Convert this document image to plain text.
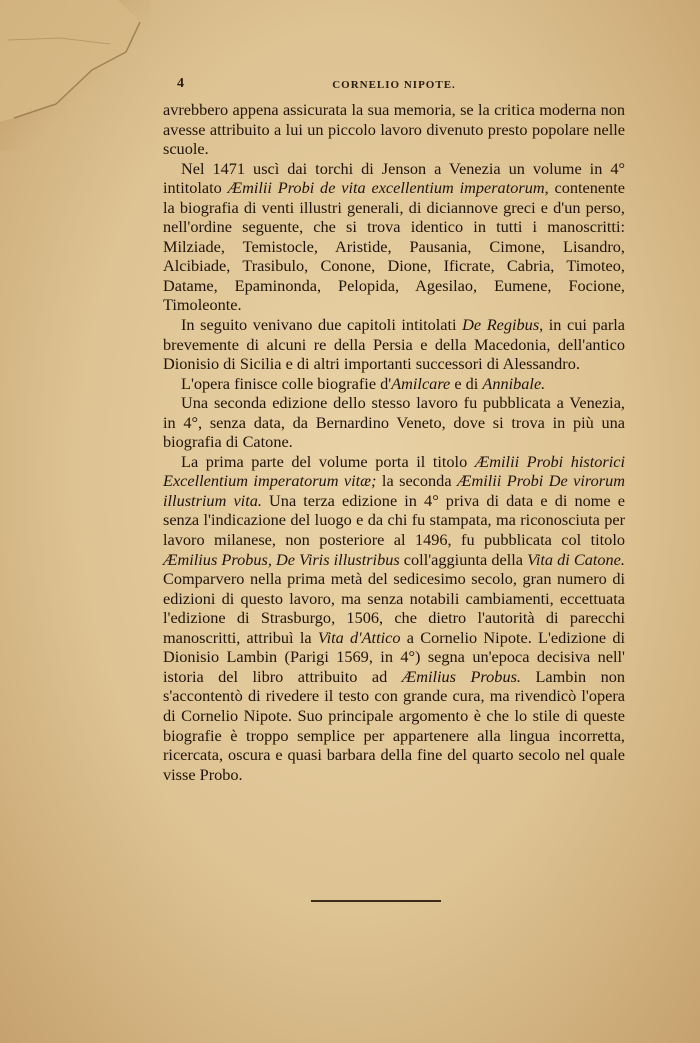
4	CORNELIO NIPOTE.

avrebbero appena assicurata la sua memoria, se la critica moderna non avesse attribuito a lui un piccolo lavoro divenuto presto popolare nelle scuole.

Nel 1471 uscì dai torchi di Jenson a Venezia un volume in 4° intitolato Æmilii Probi de vita excellentium imperatorum, contenente la biografia di venti illustri generali, di diciannove greci e d'un perso, nell'ordine seguente, che si trova identico in tutti i manoscritti: Milziade, Temistocle, Aristide, Pausania, Cimone, Lisandro, Alcibiade, Trasibulo, Conone, Dione, Ificrate, Cabria, Timoteo, Datame, Epaminonda, Pelopida, Agesilao, Eumene, Focione, Timoleonte.

In seguito venivano due capitoli intitolati De Regibus, in cui parla brevemente di alcuni re della Persia e della Macedonia, dell'antico Dionisio di Sicilia e di altri importanti successori di Alessandro.

L'opera finisce colle biografie d'Amilcare e di Annibale.

Una seconda edizione dello stesso lavoro fu pubblicata a Venezia, in 4°, senza data, da Bernardino Veneto, dove si trova in più una biografia di Catone.

La prima parte del volume porta il titolo Æmilii Probi historici Excellentium imperatorum vitæ; la seconda Æmilii Probi De virorum illustrium vita. Una terza edizione in 4° priva di data e di nome e senza l'indicazione del luogo e da chi fu stampata, ma riconosciuta per lavoro milanese, non posteriore al 1496, fu pubblicata col titolo Æmilius Probus, De Viris illustribus coll'aggiunta della Vita di Catone. Comparvero nella prima metà del sedicesimo secolo, gran numero di edizioni di questo lavoro, ma senza notabili cambiamenti, eccettuata l'edizione di Strasburgo, 1506, che dietro l'autorità di parecchi manoscritti, attribuì la Vita d'Attico a Cornelio Nipote. L'edizione di Dionisio Lambin (Parigi 1569, in 4°) segna un'epoca decisiva nell' istoria del libro attribuito ad Æmilius Probus. Lambin non s'accontentò di rivedere il testo con grande cura, ma rivendicò l'opera di Cornelio Nipote. Suo principale argomento è che lo stile di queste biografie è troppo semplice per appartenere alla lingua incorretta, ricercata, oscura e quasi barbara della fine del quarto secolo nel quale visse Probo.
